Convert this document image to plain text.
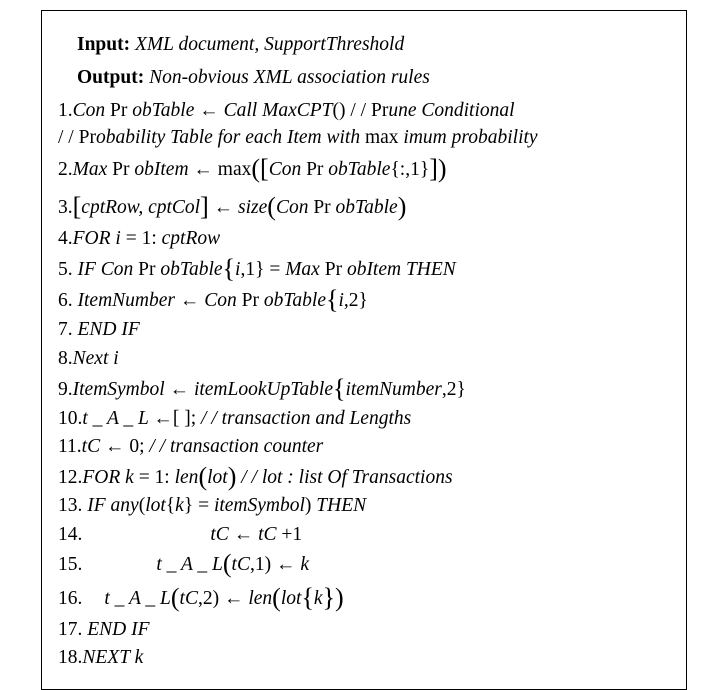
Input: XML document, SupportThreshold
Output: Non-obvious XML association rules
1.Con Pr obTable ← Call MaxCPT() / / Prune Conditional
/ / Probability Table for each Item with max imum probability
2.Max Pr obItem ← max([Con Pr obTable{:,1}])
3.[cptRow, cptCol] ← size(Con Pr obTable)
4.FOR i = 1: cptRow
5. IF Con Pr obTable{i,1} = Max Pr obItem THEN
6. ItemNumber ← Con Pr obTable{i,2}
7. END IF
8.Next i
9.ItemSymbol ← itemLookUpTable{itemNumber,2}
10.t _ A _ L ←[ ]; / / transaction and Lengths
11.tC ← 0; / / transaction counter
12.FOR k = 1: len(lot) / / lot : list Of Transactions
13. IF any(lot{k} = itemSymbol) THEN
14.	tC ← tC +1
15.	t _ A _ L(tC,1) ← k
16. t _ A _ L(tC,2) ← len(lot{k})
17. END IF
18.NEXT k
